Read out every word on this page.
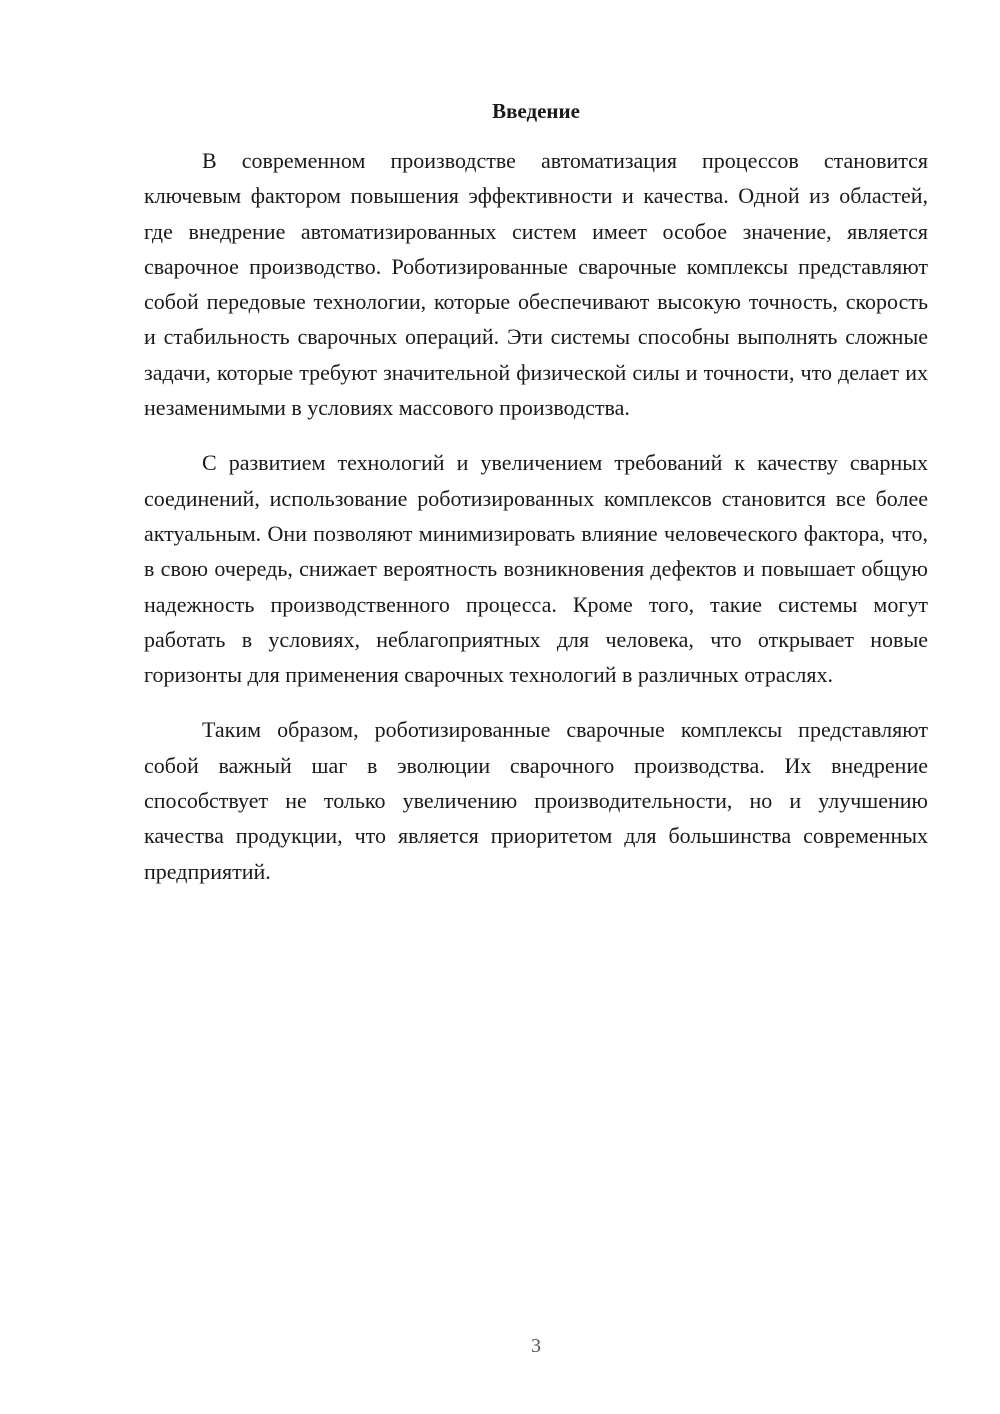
Введение

В современном производстве автоматизация процессов становится ключевым фактором повышения эффективности и качества. Одной из областей, где внедрение автоматизированных систем имеет особое значение, является сварочное производство. Роботизированные сварочные комплексы представляют собой передовые технологии, которые обеспечивают высокую точность, скорость и стабильность сварочных операций. Эти системы способны выполнять сложные задачи, которые требуют значительной физической силы и точности, что делает их незаменимыми в условиях массового производства.

С развитием технологий и увеличением требований к качеству сварных соединений, использование роботизированных комплексов становится все более актуальным. Они позволяют минимизировать влияние человеческого фактора, что, в свою очередь, снижает вероятность возникновения дефектов и повышает общую надежность производственного процесса. Кроме того, такие системы могут работать в условиях, неблагоприятных для человека, что открывает новые горизонты для применения сварочных технологий в различных отраслях.

Таким образом, роботизированные сварочные комплексы представляют собой важный шаг в эволюции сварочного производства. Их внедрение способствует не только увеличению производительности, но и улучшению качества продукции, что является приоритетом для большинства современных предприятий.

3
